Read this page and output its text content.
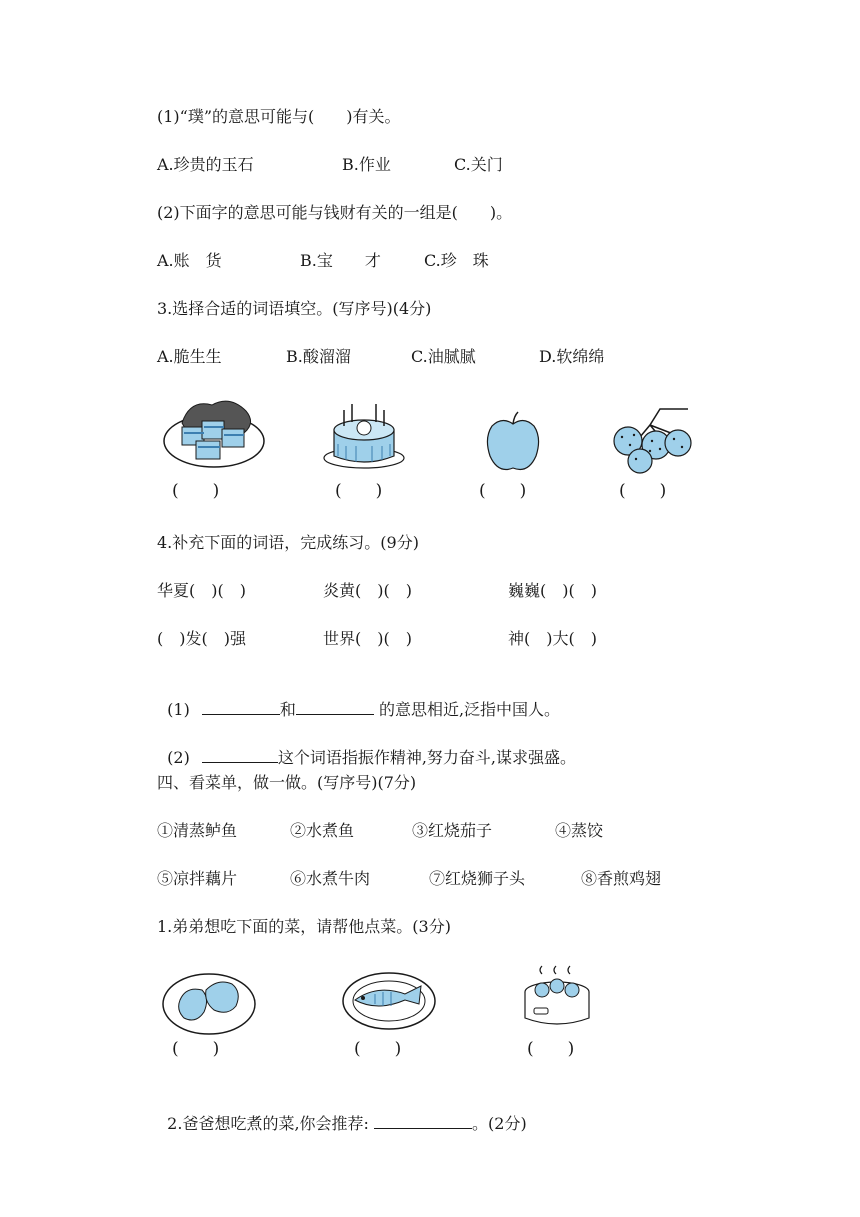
(1)“璞”的意思可能与(　　)有关。
A.珍贵的玉石	B.作业	C.关门
(2)下面字的意思可能与钱财有关的一组是(　　)。
A.账　货	B.宝　　才	C.珍　珠
3.选择合适的词语填空。(写序号)(4分)
A.脆生生	B.酸溜溜	C.油腻腻	D.软绵绵
(　　)	(　　)	(　　)	(　　)
4.补充下面的词语，完成练习。(9分)
华夏(　)(　)	炎黄(　)(　)	巍巍(　)(　)
(　)发(　)强	世界(　)(　)	神(　)大(　)

(1)	和	的意思相近,泛指中国人。

(2)	这个词语指振作精神,努力奋斗,谋求强盛。

四、看菜单，做一做。(写序号)(7分)
①清蒸鲈鱼	②水煮鱼	③红烧茄子	④蒸饺
⑤凉拌藕片	⑥水煮牛肉	⑦红烧狮子头	⑧香煎鸡翅
1.弟弟想吃下面的菜，请帮他点菜。(3分)
(　　)	(　　)	(　　)

2.爸爸想吃煮的菜,你会推荐:	。(2分)
